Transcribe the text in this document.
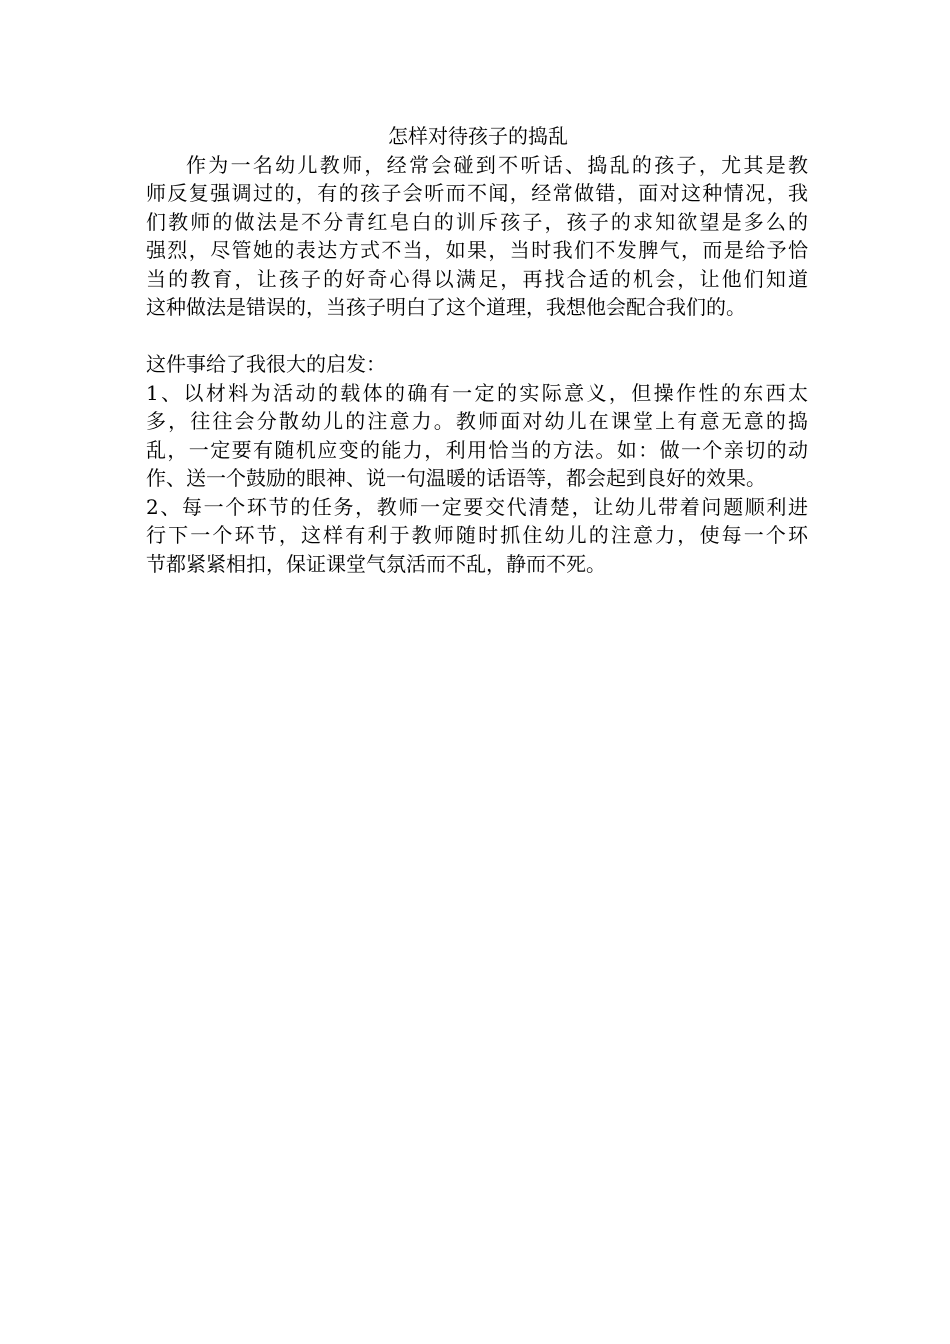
怎样对待孩子的捣乱
作为一名幼儿教师，经常会碰到不听话、捣乱的孩子，尤其是教
师反复强调过的，有的孩子会听而不闻，经常做错，面对这种情况，我
们教师的做法是不分青红皂白的训斥孩子，孩子的求知欲望是多么的
强烈，尽管她的表达方式不当，如果，当时我们不发脾气，而是给予恰
当的教育，让孩子的好奇心得以满足，再找合适的机会，让他们知道
这种做法是错误的，当孩子明白了这个道理，我想他会配合我们的。
这件事给了我很大的启发：
1、以材料为活动的载体的确有一定的实际意义，但操作性的东西太
多，往往会分散幼儿的注意力。教师面对幼儿在课堂上有意无意的捣
乱，一定要有随机应变的能力，利用恰当的方法。如：做一个亲切的动
作、送一个鼓励的眼神、说一句温暖的话语等，都会起到良好的效果。
2、每一个环节的任务，教师一定要交代清楚，让幼儿带着问题顺利进
行下一个环节，这样有利于教师随时抓住幼儿的注意力，使每一个环
节都紧紧相扣，保证课堂气氛活而不乱，静而不死。
